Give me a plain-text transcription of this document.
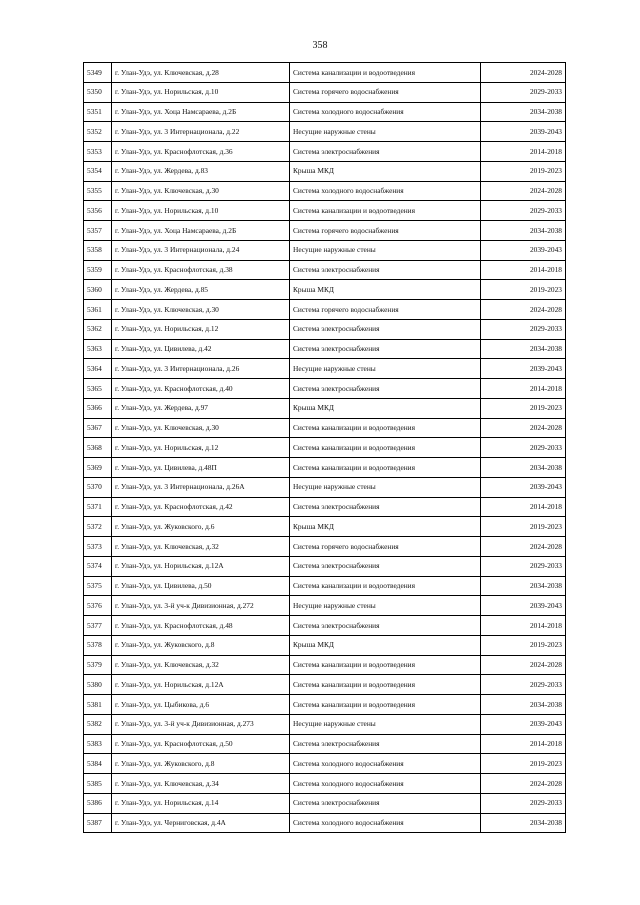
358
5349	г. Улан-Удэ, ул. Ключевская, д.28	Система канализации и водоотведения	2024-2028
5350	г. Улан-Удэ, ул. Норильская, д.10	Система горячего водоснабжения	2029-2033
5351	г. Улан-Удэ, ул. Хоца Намсараева, д.2Б	Система холодного водоснабжения	2034-2038
5352	г. Улан-Удэ, ул. 3 Интернационала, д.22	Несущие наружные стены	2039-2043
5353	г. Улан-Удэ, ул. Краснофлотская, д.36	Система электроснабжения	2014-2018
5354	г. Улан-Удэ, ул. Жердева, д.83	Крыша МКД	2019-2023
5355	г. Улан-Удэ, ул. Ключевская, д.30	Система холодного водоснабжения	2024-2028
5356	г. Улан-Удэ, ул. Норильская, д.10	Система канализации и водоотведения	2029-2033
5357	г. Улан-Удэ, ул. Хоца Намсараева, д.2Б	Система горячего водоснабжения	2034-2038
5358	г. Улан-Удэ, ул. 3 Интернационала, д.24	Несущие наружные стены	2039-2043
5359	г. Улан-Удэ, ул. Краснофлотская, д.38	Система электроснабжения	2014-2018
5360	г. Улан-Удэ, ул. Жердева, д.85	Крыша МКД	2019-2023
5361	г. Улан-Удэ, ул. Ключевская, д.30	Система горячего водоснабжения	2024-2028
5362	г. Улан-Удэ, ул. Норильская, д.12	Система электроснабжения	2029-2033
5363	г. Улан-Удэ, ул. Цивилева, д.42	Система электроснабжения	2034-2038
5364	г. Улан-Удэ, ул. 3 Интернационала, д.26	Несущие наружные стены	2039-2043
5365	г. Улан-Удэ, ул. Краснофлотская, д.40	Система электроснабжения	2014-2018
5366	г. Улан-Удэ, ул. Жердева, д.97	Крыша МКД	2019-2023
5367	г. Улан-Удэ, ул. Ключевская, д.30	Система канализации и водоотведения	2024-2028
5368	г. Улан-Удэ, ул. Норильская, д.12	Система канализации и водоотведения	2029-2033
5369	г. Улан-Удэ, ул. Цивилева, д.48П	Система канализации и водоотведения	2034-2038
5370	г. Улан-Удэ, ул. 3 Интернационала, д.26А	Несущие наружные стены	2039-2043
5371	г. Улан-Удэ, ул. Краснофлотская, д.42	Система электроснабжения	2014-2018
5372	г. Улан-Удэ, ул. Жуковского, д.6	Крыша МКД	2019-2023
5373	г. Улан-Удэ, ул. Ключевская, д.32	Система горячего водоснабжения	2024-2028
5374	г. Улан-Удэ, ул. Норильская, д.12А	Система электроснабжения	2029-2033
5375	г. Улан-Удэ, ул. Цивилева, д.50	Система канализации и водоотведения	2034-2038
5376	г. Улан-Удэ, ул. 3-й уч-к Дивизионная, д.272	Несущие наружные стены	2039-2043
5377	г. Улан-Удэ, ул. Краснофлотская, д.48	Система электроснабжения	2014-2018
5378	г. Улан-Удэ, ул. Жуковского, д.8	Крыша МКД	2019-2023
5379	г. Улан-Удэ, ул. Ключевская, д.32	Система канализации и водоотведения	2024-2028
5380	г. Улан-Удэ, ул. Норильская, д.12А	Система канализации и водоотведения	2029-2033
5381	г. Улан-Удэ, ул. Цыбикова, д.6	Система канализации и водоотведения	2034-2038
5382	г. Улан-Удэ, ул. 3-й уч-к Дивизионная, д.273	Несущие наружные стены	2039-2043
5383	г. Улан-Удэ, ул. Краснофлотская, д.50	Система электроснабжения	2014-2018
5384	г. Улан-Удэ, ул. Жуковского, д.8	Система холодного водоснабжения	2019-2023
5385	г. Улан-Удэ, ул. Ключевская, д.34	Система холодного водоснабжения	2024-2028
5386	г. Улан-Удэ, ул. Норильская, д.14	Система электроснабжения	2029-2033
5387	г. Улан-Удэ, ул. Черниговская, д.4А	Система холодного водоснабжения	2034-2038
